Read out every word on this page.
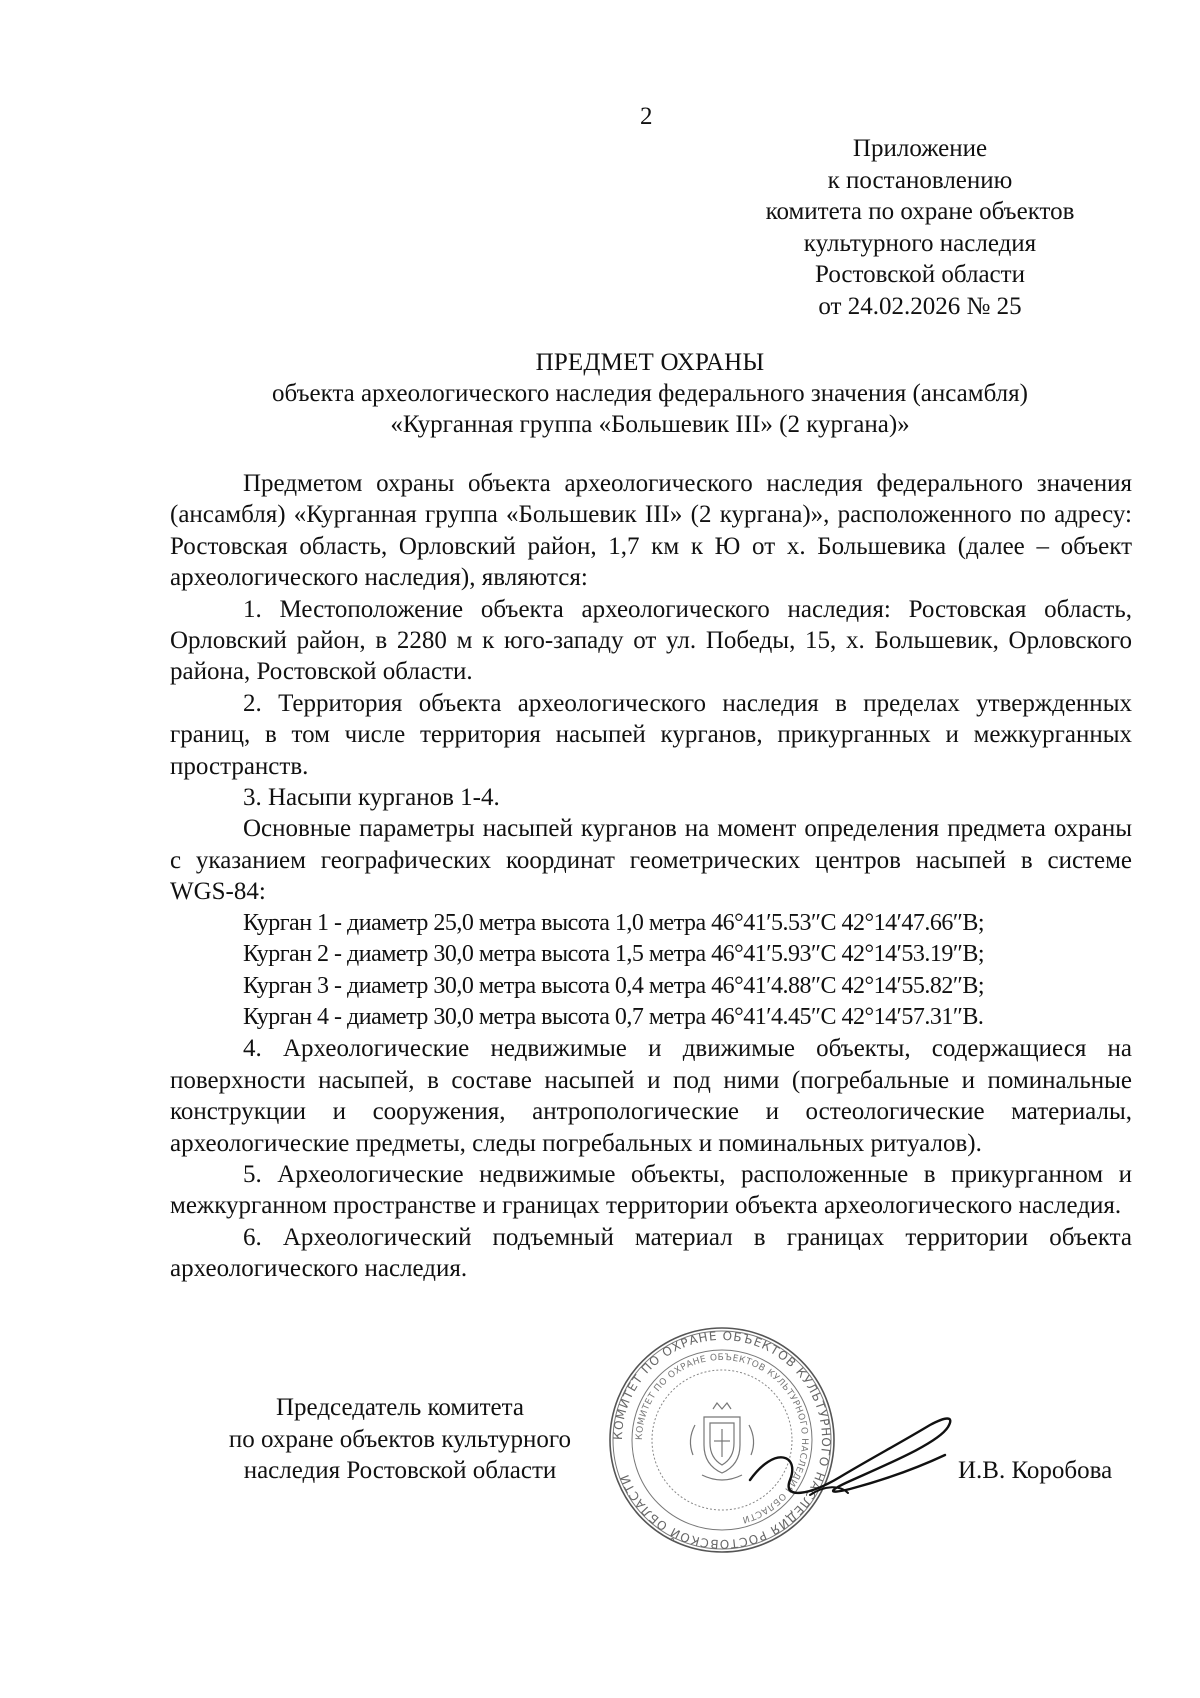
2
Приложение
к постановлению
комитета по охране объектов
культурного наследия
Ростовской области
от 24.02.2026 № 25
ПРЕДМЕТ ОХРАНЫ
объекта археологического наследия федерального значения (ансамбля)
«Курганная группа «Большевик III» (2 кургана)»

Предметом охраны объекта археологического наследия федерального значения (ансамбля) «Курганная группа «Большевик III» (2 кургана)», расположенного по адресу: Ростовская область, Орловский район, 1,7 км к Ю от х. Большевика (далее – объект археологического наследия), являются:

1. Местоположение объекта археологического наследия: Ростовская область, Орловский район, в 2280 м к юго-западу от ул. Победы, 15, х. Большевик, Орловского района, Ростовской области.

2. Территория объекта археологического наследия в пределах утвержденных границ, в том числе территория насыпей курганов, прикурганных и межкурганных пространств.

3. Насыпи курганов 1-4.

Основные параметры насыпей курганов на момент определения предмета охраны с указанием географических координат геометрических центров насыпей в системе WGS-84:

Курган 1 - диаметр 25,0 метра высота 1,0 метра 46°41′5.53″С 42°14′47.66″В;
Курган 2 - диаметр 30,0 метра высота 1,5 метра 46°41′5.93″С 42°14′53.19″В;
Курган 3 - диаметр 30,0 метра высота 0,4 метра 46°41′4.88″С 42°14′55.82″В;
Курган 4 - диаметр 30,0 метра высота 0,7 метра 46°41′4.45″С 42°14′57.31″В.

4. Археологические недвижимые и движимые объекты, содержащиеся на поверхности насыпей, в составе насыпей и под ними (погребальные и поминальные конструкции и сооружения, антропологические и остеологические материалы, археологические предметы, следы погребальных и поминальных ритуалов).

5. Археологические недвижимые объекты, расположенные в прикурганном и межкурганном пространстве и границах территории объекта археологического наследия.

6. Археологический подъемный материал в границах территории объекта археологического наследия.

Председатель комитета
по охране объектов культурного
наследия Ростовской области
КОМИТЕТ ПО ОХРАНЕ ОБЪЕКТОВ КУЛЬТУРНОГО НАСЛЕДИЯ РОСТОВСКОЙ ОБЛАСТИ
КОМИТЕТ ПО ОХРАНЕ ОБЪЕКТОВ КУЛЬТУРНОГО НАСЛЕДИЯ ОБЛАСТИ
И.В. Коробова
